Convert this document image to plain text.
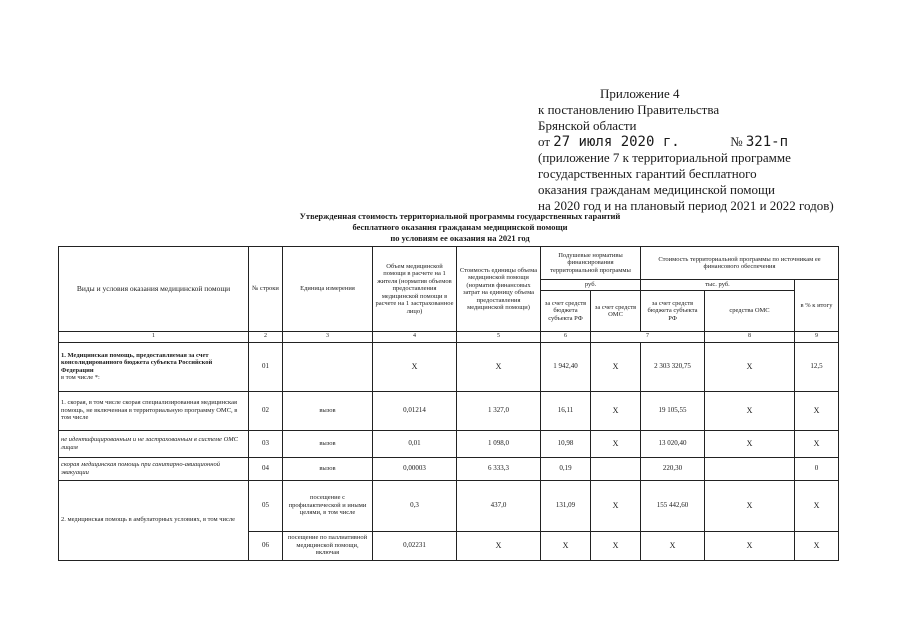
Приложение 4
к постановлению Правительства
Брянской области
от 27 июля 2020 г.	№ 321-п
(приложение 7 к территориальной программе
государственных гарантий бесплатного
оказания гражданам медицинской помощи
на 2020 год и на плановый период 2021 и 2022 годов)
Утвержденная стоимость территориальной программы государственных гарантий
бесплатного оказания гражданам медицинской помощи
по условиям ее оказания на 2021 год
Виды и условия оказания медицинской помощи	№ строки	Единица измерения	Объем медицинской помощи в расчете на 1 жителя (норматив объемов предоставления медицинской помощи в расчете на 1 застрахованное лицо)	Стоимость единицы объема медицинской помощи (норматив финансовых затрат на единицу объема предоставления медицинской помощи)	Подушевые нормативы финансирования территориальной программы		Стоимость территориальной программы по источникам ее финансового обеспечения		
					руб.		тыс. руб.		в % к итогу
					за счет средств бюджета субъекта РФ	за счет средств ОМС	за счет средств бюджета субъекта РФ	средства ОМС	
1	2	3	4	5	6	7		8	9
1. Медицинская помощь, предоставляемая за счет консолидированного бюджета субъекта Российской Федерации
в том числе *:	01		X	X	1 942,40	X	2 303 320,75	X	12,5
1. скорая, в том числе скорая специализированная медицинская помощь, не включенная в территориальную программу ОМС, в том числе	02	вызов	0,01214	1 327,0	16,11	X	19 105,55	X	X
не идентифицированным и не застрахованным в системе ОМС лицам	03	вызов	0,01	1 098,0	10,98	X	13 020,40	X	X
скорая медицинская помощь при санитарно-авиационной эвакуации	04	вызов	0,00003	6 333,3	0,19		220,30		0
2. медицинская помощь в амбулаторных условиях, в том числе	05	посещение с профилактической и иными целями, в том числе	0,3	437,0	131,09	X	155 442,60	X	X
	06	посещение по паллиативной медицинской помощи, включая	0,02231	X	X	X	X	X	X
